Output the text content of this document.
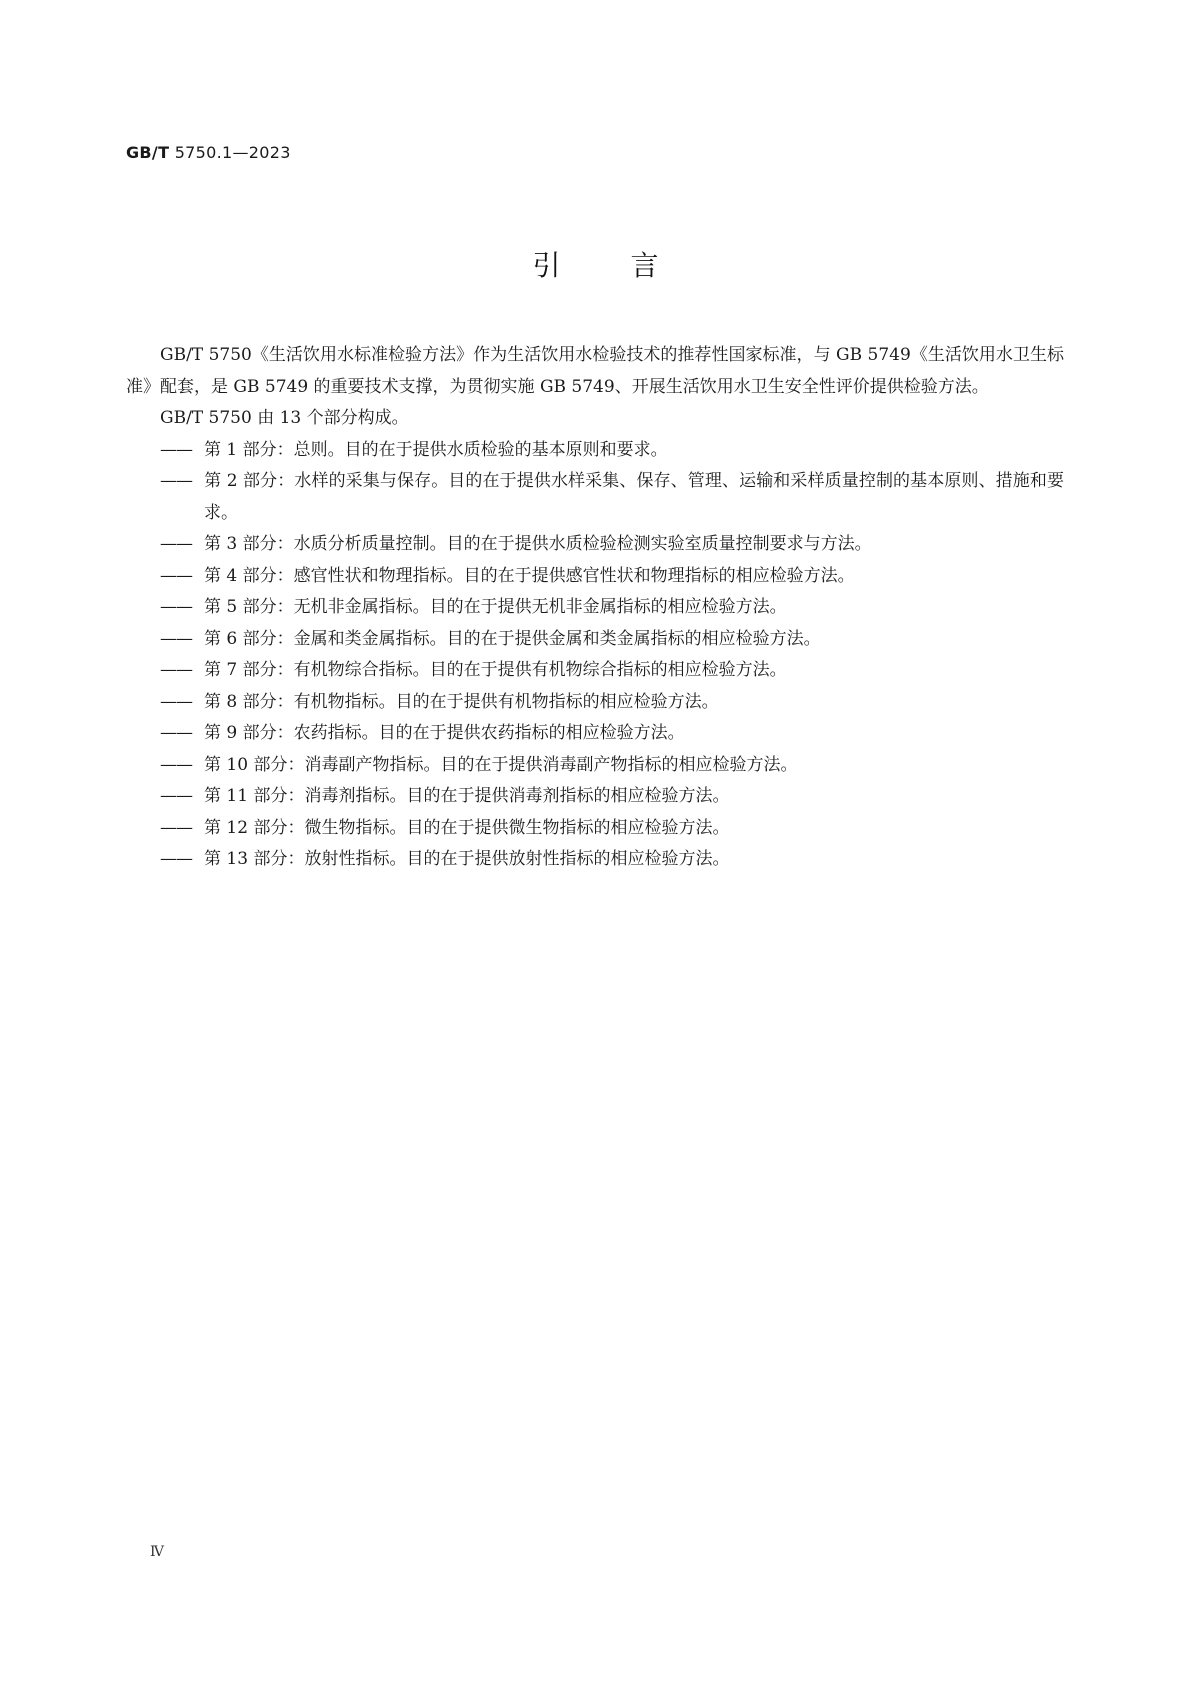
GB/T 5750.1—2023
引言

GB/T 5750《生活饮用水标准检验方法》作为生活饮用水检验技术的推荐性国家标准，与 GB 5749《生活饮用水卫生标准》配套，是 GB 5749 的重要技术支撑，为贯彻实施 GB 5749、开展生活饮用水卫生安全性评价提供检验方法。

GB/T 5750 由 13 个部分构成。

—— 第 1 部分：总则。目的在于提供水质检验的基本原则和要求。
—— 第 2 部分：水样的采集与保存。目的在于提供水样采集、保存、管理、运输和采样质量控制的基本原则、措施和要求。
—— 第 3 部分：水质分析质量控制。目的在于提供水质检验检测实验室质量控制要求与方法。
—— 第 4 部分：感官性状和物理指标。目的在于提供感官性状和物理指标的相应检验方法。
—— 第 5 部分：无机非金属指标。目的在于提供无机非金属指标的相应检验方法。
—— 第 6 部分：金属和类金属指标。目的在于提供金属和类金属指标的相应检验方法。
—— 第 7 部分：有机物综合指标。目的在于提供有机物综合指标的相应检验方法。
—— 第 8 部分：有机物指标。目的在于提供有机物指标的相应检验方法。
—— 第 9 部分：农药指标。目的在于提供农药指标的相应检验方法。
—— 第 10 部分：消毒副产物指标。目的在于提供消毒副产物指标的相应检验方法。
—— 第 11 部分：消毒剂指标。目的在于提供消毒剂指标的相应检验方法。
—— 第 12 部分：微生物指标。目的在于提供微生物指标的相应检验方法。
—— 第 13 部分：放射性指标。目的在于提供放射性指标的相应检验方法。
Ⅳ
